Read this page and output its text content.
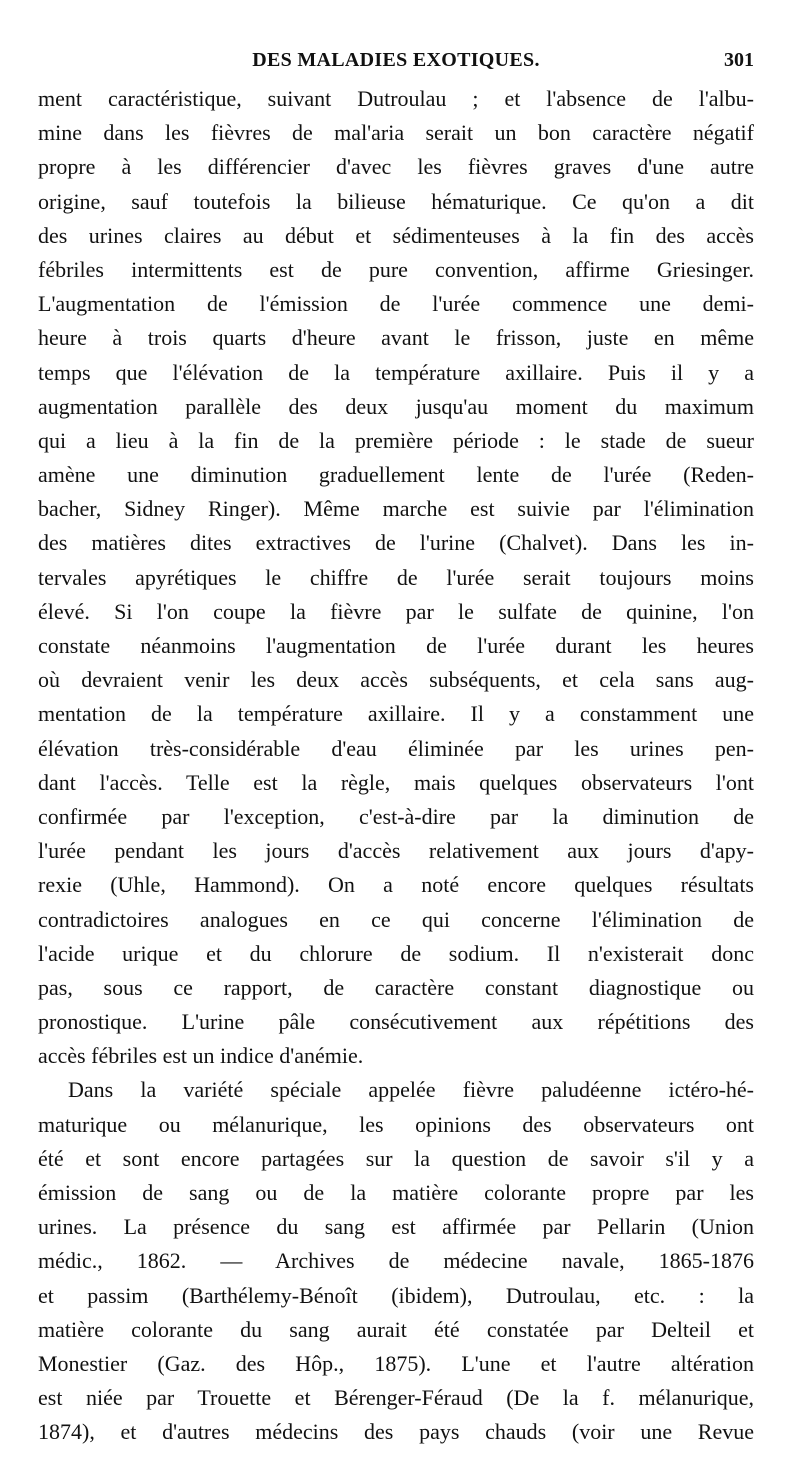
DES MALADIES EXOTIQUES.	301
ment caractéristique, suivant Dutroulau ; et l'absence de l'albu-
mine dans les fièvres de mal'aria serait un bon caractère négatif
propre à les différencier d'avec les fièvres graves d'une autre
origine, sauf toutefois la bilieuse hématurique. Ce qu'on a dit
des urines claires au début et sédimenteuses à la fin des accès
fébriles intermittents est de pure convention, affirme Griesinger.
L'augmentation de l'émission de l'urée commence une demi-
heure à trois quarts d'heure avant le frisson, juste en même
temps que l'élévation de la température axillaire. Puis il y a
augmentation parallèle des deux jusqu'au moment du maximum
qui a lieu à la fin de la première période : le stade de sueur
amène une diminution graduellement lente de l'urée (Reden-
bacher, Sidney Ringer). Même marche est suivie par l'élimination
des matières dites extractives de l'urine (Chalvet). Dans les in-
tervales apyrétiques le chiffre de l'urée serait toujours moins
élevé. Si l'on coupe la fièvre par le sulfate de quinine, l'on
constate néanmoins l'augmentation de l'urée durant les heures
où devraient venir les deux accès subséquents, et cela sans aug-
mentation de la température axillaire. Il y a constamment une
élévation très-considérable d'eau éliminée par les urines pen-
dant l'accès. Telle est la règle, mais quelques observateurs l'ont
confirmée par l'exception, c'est-à-dire par la diminution de
l'urée pendant les jours d'accès relativement aux jours d'apy-
rexie (Uhle, Hammond). On a noté encore quelques résultats
contradictoires analogues en ce qui concerne l'élimination de
l'acide urique et du chlorure de sodium. Il n'existerait donc
pas, sous ce rapport, de caractère constant diagnostique ou
pronostique. L'urine pâle consécutivement aux répétitions des
accès fébriles est un indice d'anémie.
Dans la variété spéciale appelée fièvre paludéenne ictéro-hé-
maturique ou mélanurique, les opinions des observateurs ont
été et sont encore partagées sur la question de savoir s'il y a
émission de sang ou de la matière colorante propre par les
urines. La présence du sang est affirmée par Pellarin (Union
médic., 1862. — Archives de médecine navale, 1865-1876
et passim (Barthélemy-Bénoît (ibidem), Dutroulau, etc. : la
matière colorante du sang aurait été constatée par Delteil et
Monestier (Gaz. des Hôp., 1875). L'une et l'autre altération
est niée par Trouette et Bérenger-Féraud (De la f. mélanurique,
1874), et d'autres médecins des pays chauds (voir une Revue
